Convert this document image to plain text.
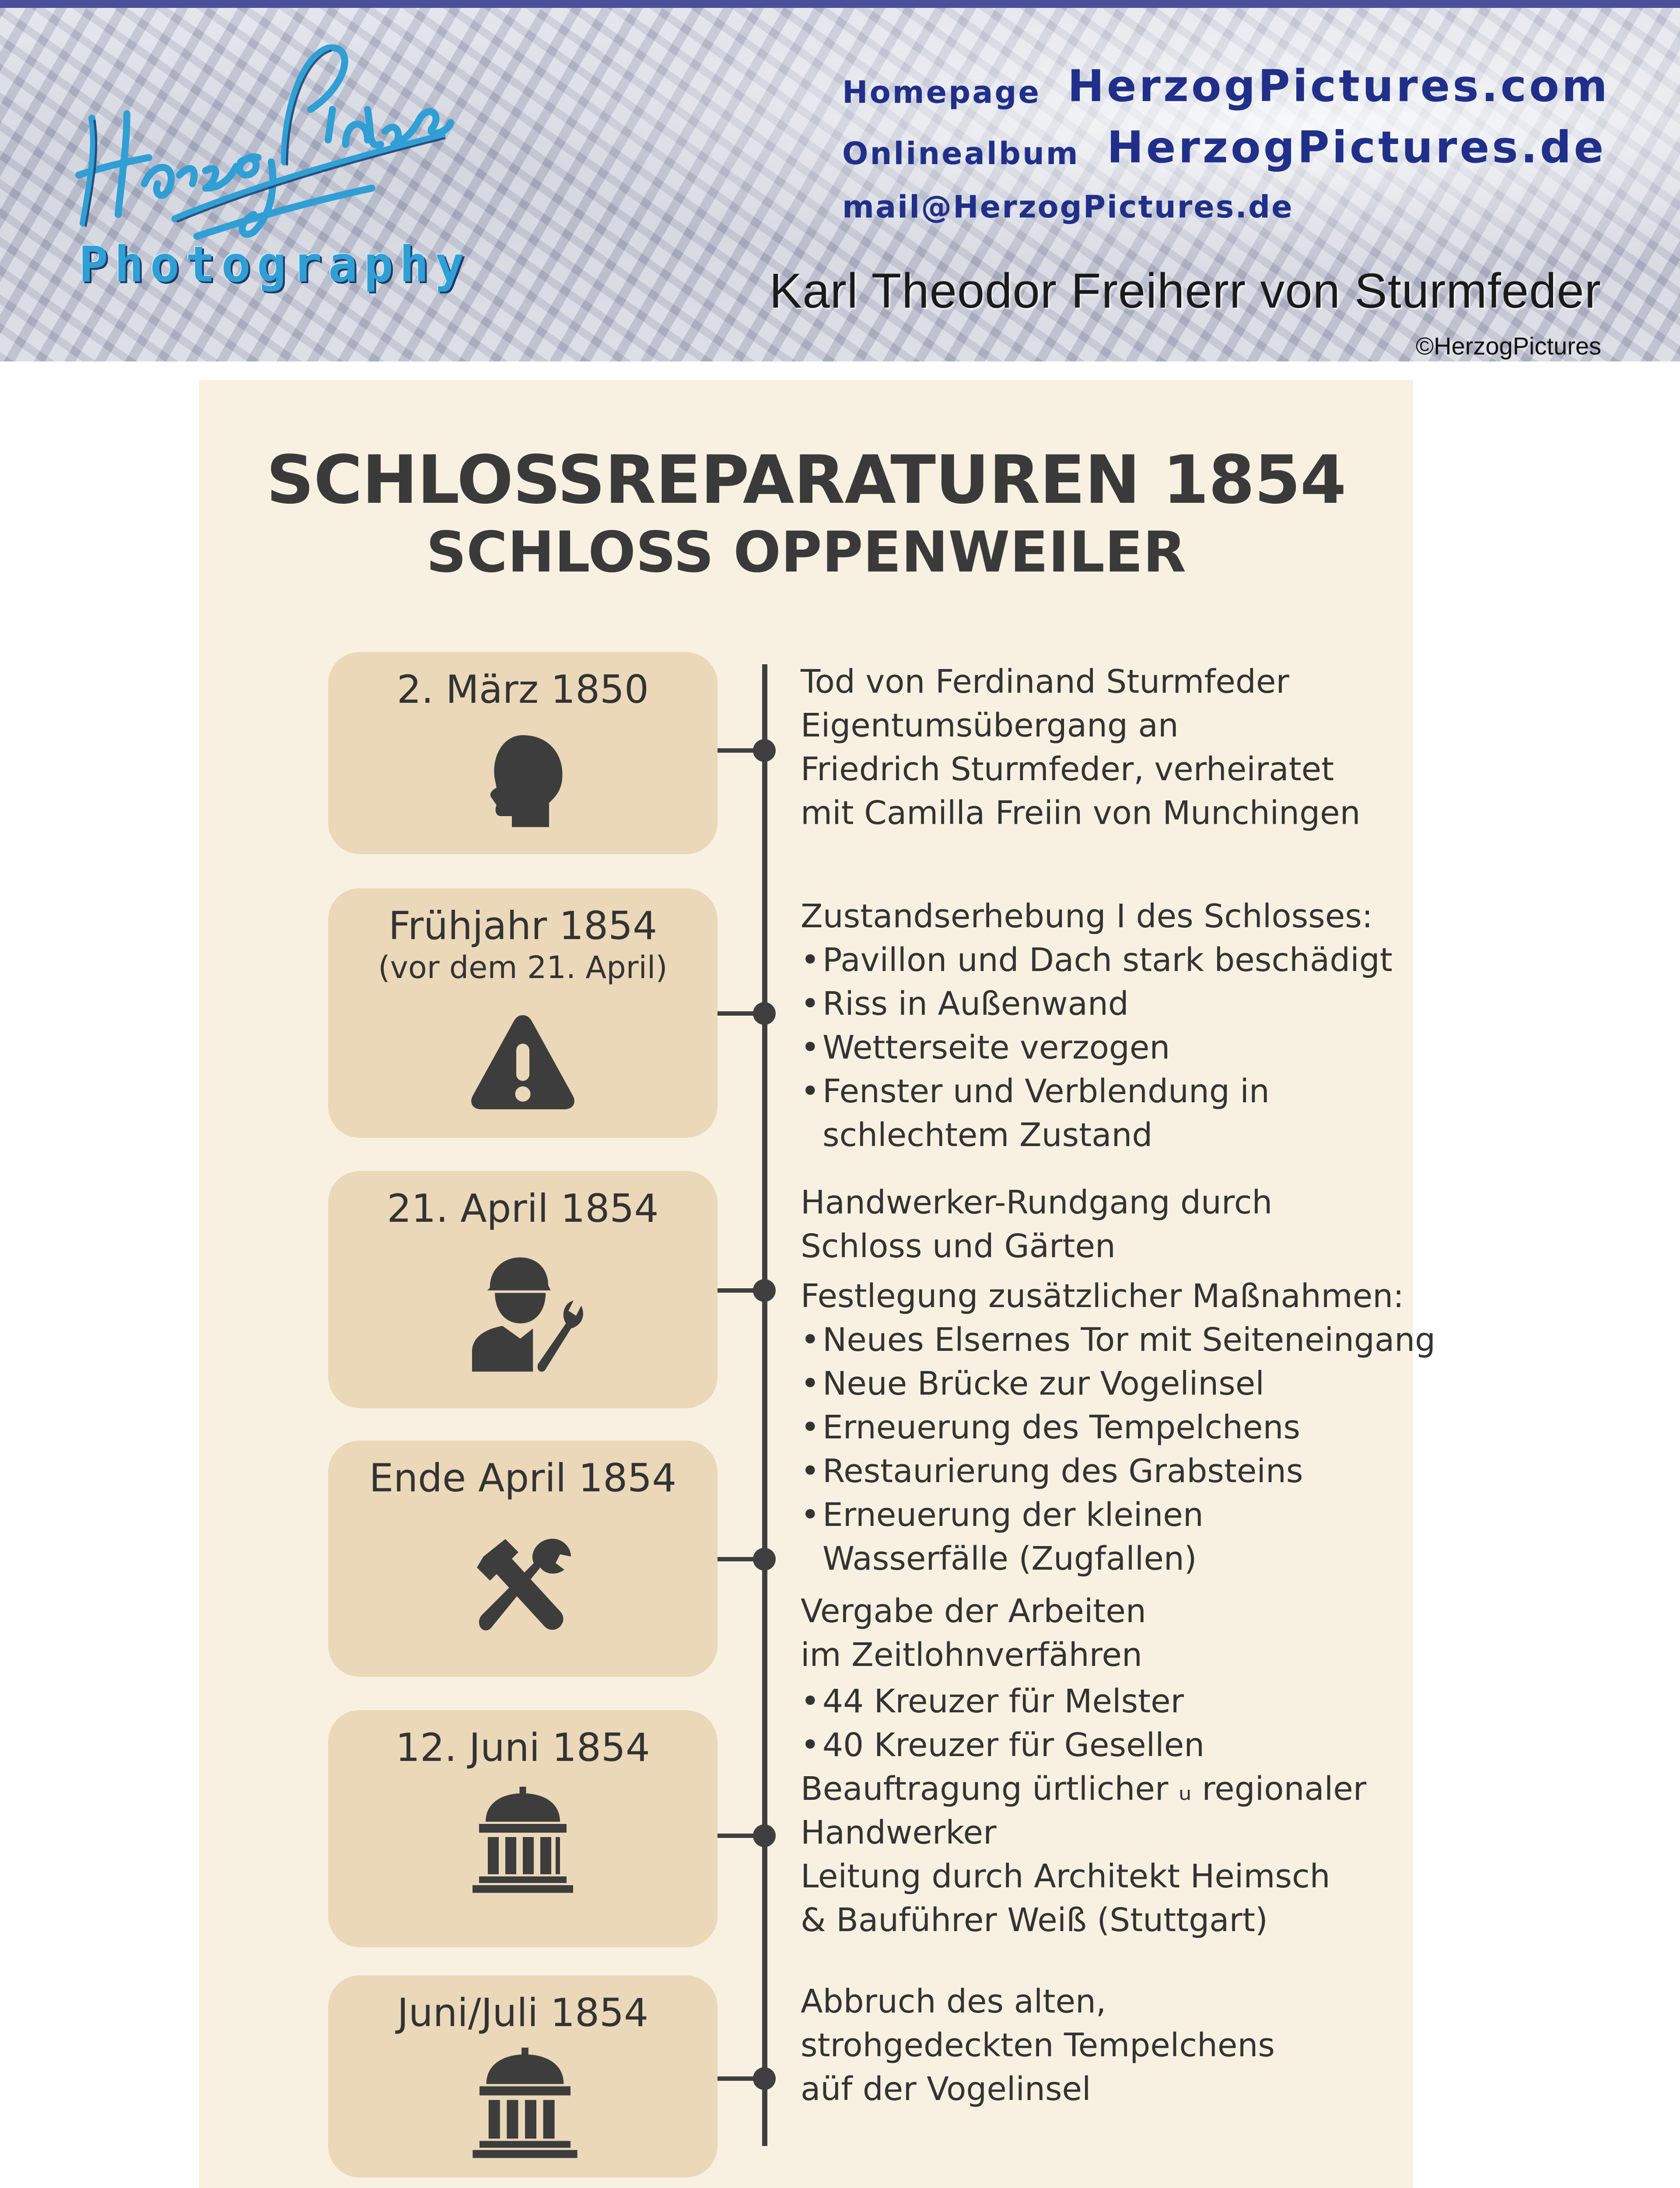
Photography
Homepage HerzogPictures.com
Onlinealbum HerzogPictures.de
mail@HerzogPictures.de
Karl Theodor Freiherr von Sturmfeder
©HerzogPictures
SCHLOSSREPARATUREN 1854
SCHLOSS OPPENWEILER
2. März 1850
Frühjahr 1854
(vor dem 21. April)
21. April 1854
Ende April 1854
12. Juni 1854
Juni/Juli 1854
Tod von Ferdinand Sturmfeder
Eigentumsübergang an
Friedrich Sturmfeder, verheiratet
mit Camilla Freiin von Munchingen
Zustandserhebung I des Schlosses:
• Pavillon und Dach stark beschädigt
• Riss in Außenwand
• Wetterseite verzogen
• Fenster und Verblendung in
schlechtem Zustand
Handwerker-Rundgang durch
Schloss und Gärten
Festlegung zusätzlicher Maßnahmen:
• Neues Elsernes Tor mit Seiteneingang
• Neue Brücke zur Vogelinsel
• Erneuerung des Tempelchens
• Restaurierung des Grabsteins
• Erneuerung der kleinen
Wasserfälle (Zugfallen)
Vergabe der Arbeiten
im Zeitlohnverfähren
• 44 Kreuzer für Melster
• 40 Kreuzer für Gesellen
Beauftragung ürtlicher ᵤ regionaler
Handwerker
Leitung durch Architekt Heimsch
& Bauführer Weiß (Stuttgart)
Abbruch des alten,
strohgedeckten Tempelchens
aüf der Vogelinsel
